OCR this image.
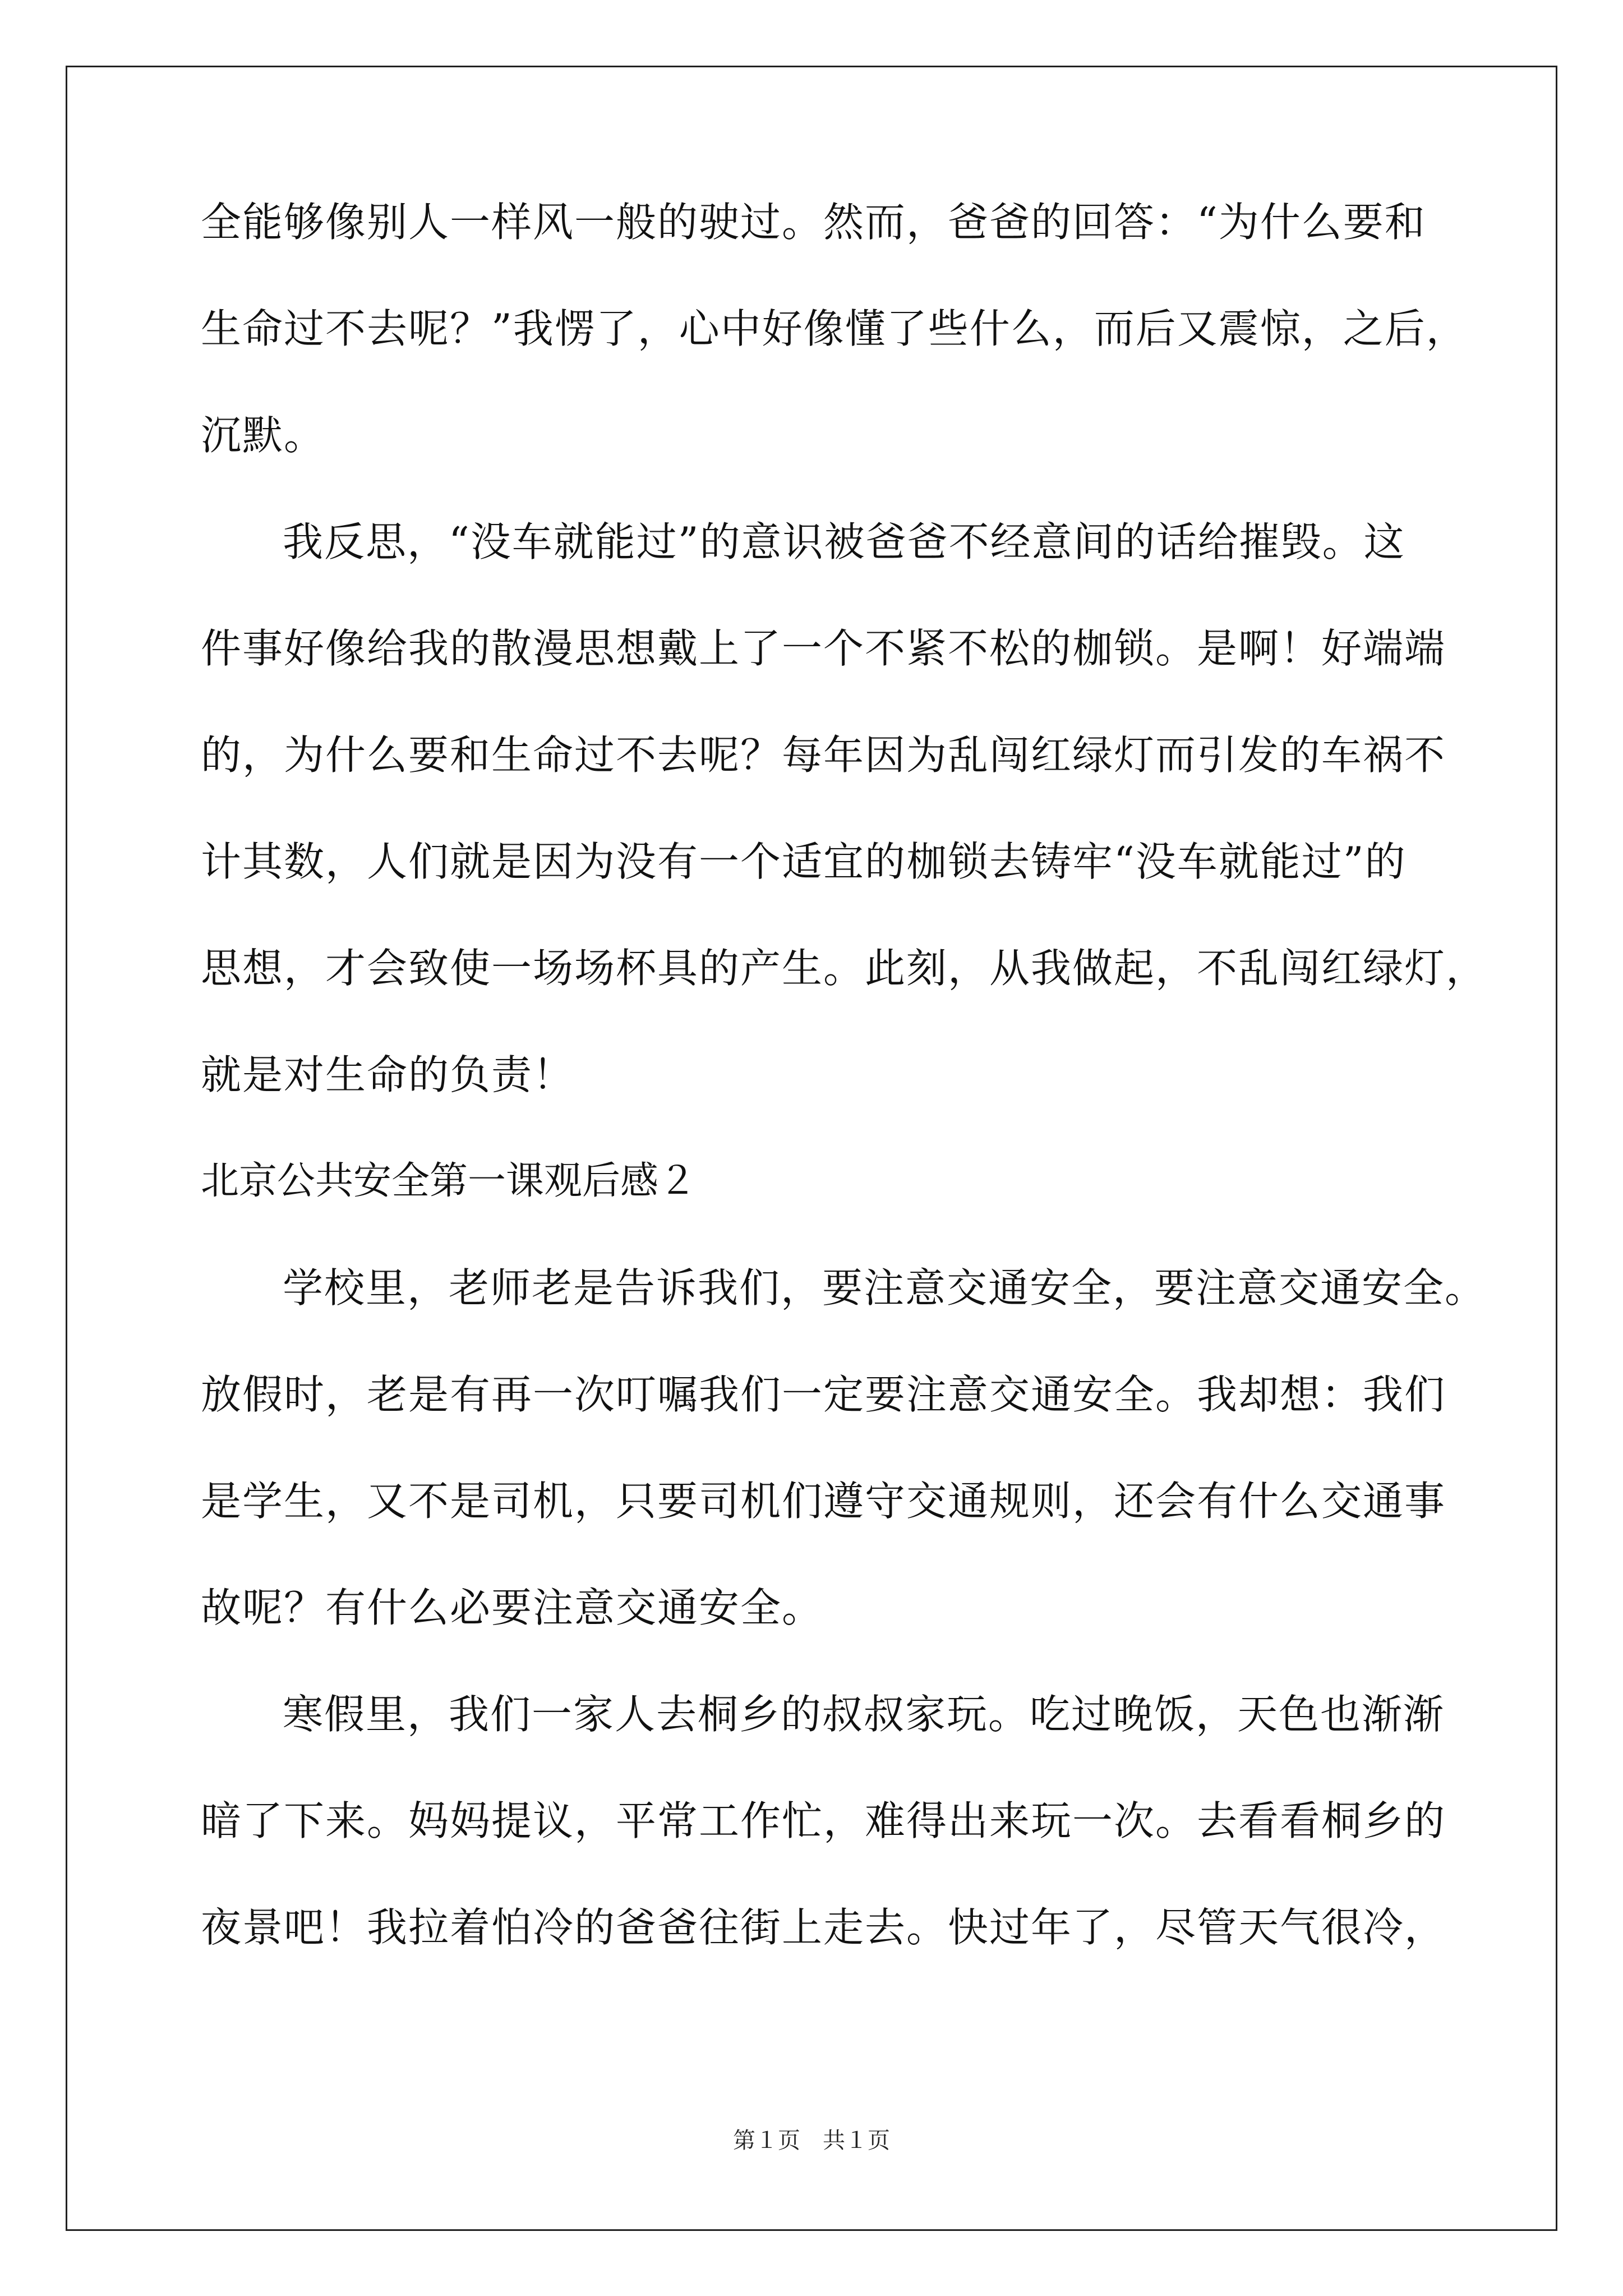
全能够像别人一样风一般的驶过。然而，爸爸的回答：“为什么要和
生命过不去呢？”我愣了，心中好像懂了些什么，而后又震惊，之后，
沉默。
我反思，“没车就能过”的意识被爸爸不经意间的话给摧毁。这
件事好像给我的散漫思想戴上了一个不紧不松的枷锁。是啊！好端端
的，为什么要和生命过不去呢？每年因为乱闯红绿灯而引发的车祸不
计其数，人们就是因为没有一个适宜的枷锁去铸牢“没车就能过”的
思想，才会致使一场场杯具的产生。此刻，从我做起，不乱闯红绿灯，
就是对生命的负责！
北京公共安全第一课观后感２
学校里，老师老是告诉我们，要注意交通安全，要注意交通安全。
放假时，老是有再一次叮嘱我们一定要注意交通安全。我却想：我们
是学生，又不是司机，只要司机们遵守交通规则，还会有什么交通事
故呢？有什么必要注意交通安全。
寒假里，我们一家人去桐乡的叔叔家玩。吃过晚饭，天色也渐渐
暗了下来。妈妈提议，平常工作忙，难得出来玩一次。去看看桐乡的
夜景吧！我拉着怕冷的爸爸往街上走去。快过年了，尽管天气很冷，
第１页　共１页
